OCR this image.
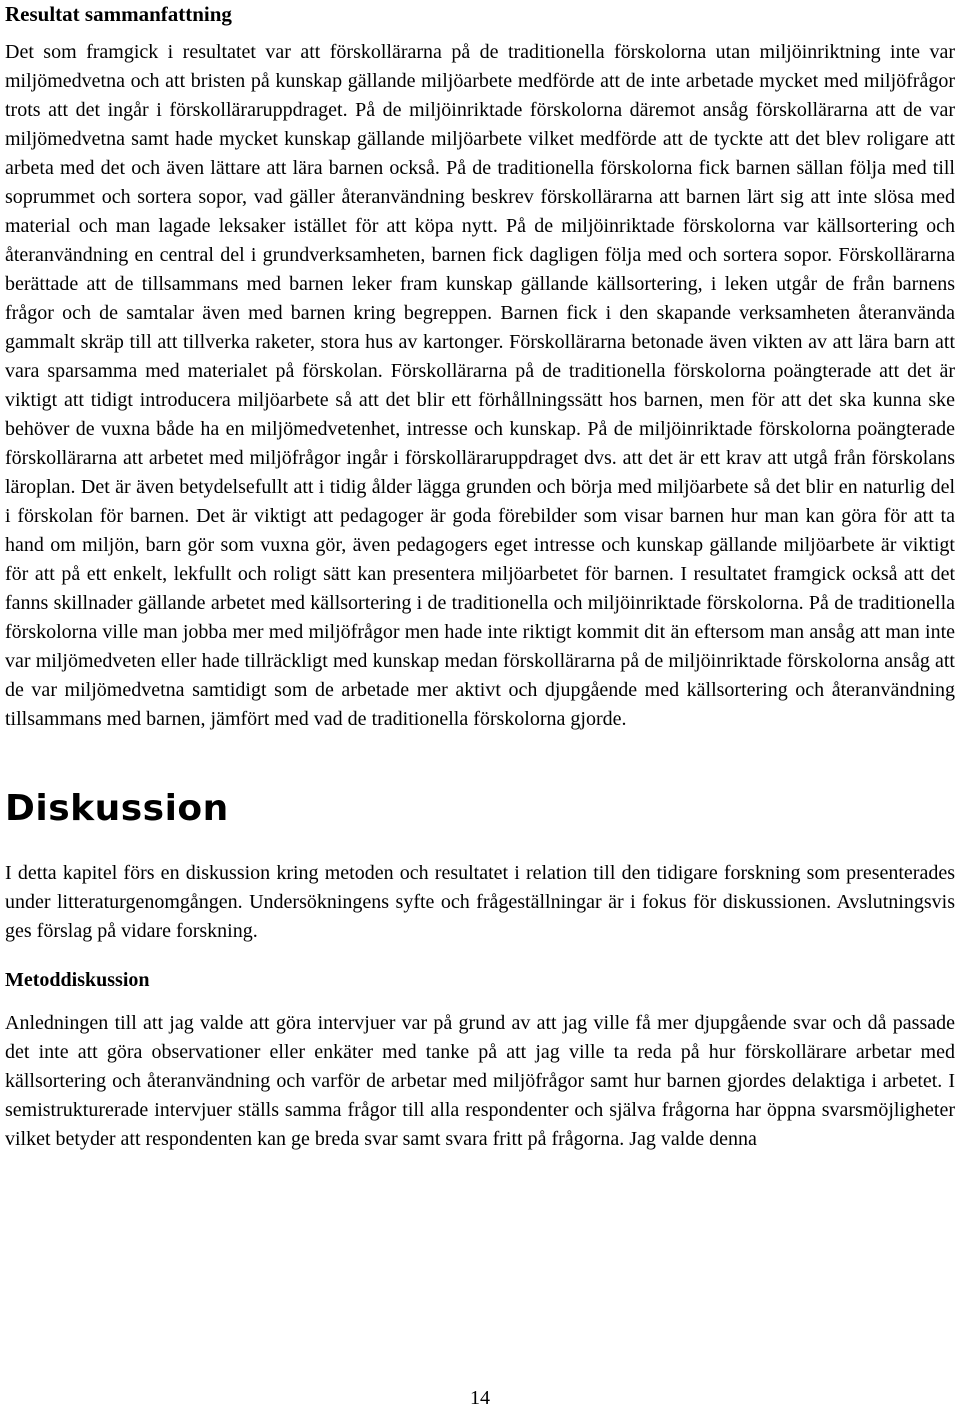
Resultat sammanfattning

Det som framgick i resultatet var att förskollärarna på de traditionella förskolorna utan miljöinriktning inte var miljömedvetna och att bristen på kunskap gällande miljöarbete medförde att de inte arbetade mycket med miljöfrågor trots att det ingår i förskolläraruppdraget. På de miljöinriktade förskolorna däremot ansåg förskollärarna att de var miljömedvetna samt hade mycket kunskap gällande miljöarbete vilket medförde att de tyckte att det blev roligare att arbeta med det och även lättare att lära barnen också. På de traditionella förskolorna fick barnen sällan följa med till soprummet och sortera sopor, vad gäller återanvändning beskrev förskollärarna att barnen lärt sig att inte slösa med material och man lagade leksaker istället för att köpa nytt. På de miljöinriktade förskolorna var källsortering och återanvändning en central del i grundverksamheten, barnen fick dagligen följa med och sortera sopor. Förskollärarna berättade att de tillsammans med barnen leker fram kunskap gällande källsortering, i leken utgår de från barnens frågor och de samtalar även med barnen kring begreppen. Barnen fick i den skapande verksamheten återanvända gammalt skräp till att tillverka raketer, stora hus av kartonger. Förskollärarna betonade även vikten av att lära barn att vara sparsamma med materialet på förskolan. Förskollärarna på de traditionella förskolorna poängterade att det är viktigt att tidigt introducera miljöarbete så att det blir ett förhållningssätt hos barnen, men för att det ska kunna ske behöver de vuxna både ha en miljömedvetenhet, intresse och kunskap. På de miljöinriktade förskolorna poängterade förskollärarna att arbetet med miljöfrågor ingår i förskolläraruppdraget dvs. att det är ett krav att utgå från förskolans läroplan. Det är även betydelsefullt att i tidig ålder lägga grunden och börja med miljöarbete så det blir en naturlig del i förskolan för barnen. Det är viktigt att pedagoger är goda förebilder som visar barnen hur man kan göra för att ta hand om miljön, barn gör som vuxna gör, även pedagogers eget intresse och kunskap gällande miljöarbete är viktigt för att på ett enkelt, lekfullt och roligt sätt kan presentera miljöarbetet för barnen. I resultatet framgick också att det fanns skillnader gällande arbetet med källsortering i de traditionella och miljöinriktade förskolorna. På de traditionella förskolorna ville man jobba mer med miljöfrågor men hade inte riktigt kommit dit än eftersom man ansåg att man inte var miljömedveten eller hade tillräckligt med kunskap medan förskollärarna på de miljöinriktade förskolorna ansåg att de var miljömedvetna samtidigt som de arbetade mer aktivt och djupgående med källsortering och återanvändning tillsammans med barnen, jämfört med vad de traditionella förskolorna gjorde.

Diskussion

I detta kapitel förs en diskussion kring metoden och resultatet i relation till den tidigare forskning som presenterades under litteraturgenomgången. Undersökningens syfte och frågeställningar är i fokus för diskussionen. Avslutningsvis ges förslag på vidare forskning.

Metoddiskussion

Anledningen till att jag valde att göra intervjuer var på grund av att jag ville få mer djupgående svar och då passade det inte att göra observationer eller enkäter med tanke på att jag ville ta reda på hur förskollärare arbetar med källsortering och återanvändning och varför de arbetar med miljöfrågor samt hur barnen gjordes delaktiga i arbetet. I semistrukturerade intervjuer ställs samma frågor till alla respondenter och själva frågorna har öppna svarsmöjligheter vilket betyder att respondenten kan ge breda svar samt svara fritt på frågorna. Jag valde denna

14
